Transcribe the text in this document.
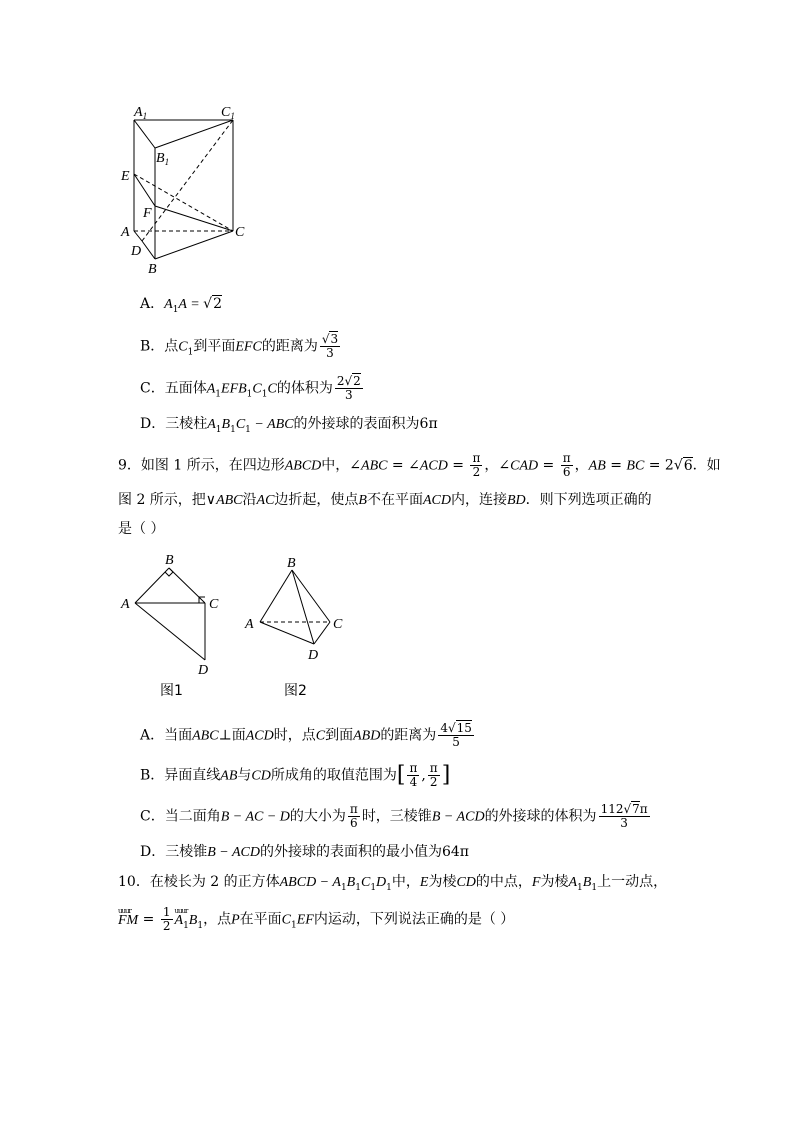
$A_1$	$C_1$
$B_1$
E
F
A	C
D
B
A．$A_1A = √2$
B．点$C_1$到平面EFC的距离为 $\frac{√3}{3}$
C．五面体$A_1EFB_1C_1C$的体积为 $\frac{2√2}{3}$
D．三棱柱$A_1B_1C_1$ − ABC的外接球的表面积为6π
9．如图 1 所示，在四边形ABCD中，∠ABC = ∠ACD = $\frac{\pi}{2}$ ，∠CAD = $\frac{\pi}{6}$ ，AB = BC = 2√6．如
图 2 所示，把∨ABC沿AC边折起，使点B不在平面ACD内，连接BD．则下列选项正确的
是（ ）
B
A	C
D
B
A	C
D
图1	图2
A．当面ABC⊥面ACD时，点C到面ABD的距离为 $\frac{4√15}{5}$
B．异面直线AB与CD所成角的取值范围为[ $\frac{\pi}{4}$ , $\frac{\pi}{2}$ ]
C．当二面角B − AC − D的大小为 $\frac{\pi}{6}$ 时，三棱锥B − ACD的外接球的体积为 $\frac{112√7\pi}{3}$
D．三棱锥B − ACD的外接球的表面积的最小值为64π
10．在棱长为 2 的正方体ABCD − $A_1B_1C_1D_1$中，E为棱CD的中点，F为棱$A_1B_1$上一动点，
uuur
FM = $\frac{1}{2}$ uuur
$A_1B_1$，点P在平面$C_1EF$内运动，下列说法正确的是（ ）
